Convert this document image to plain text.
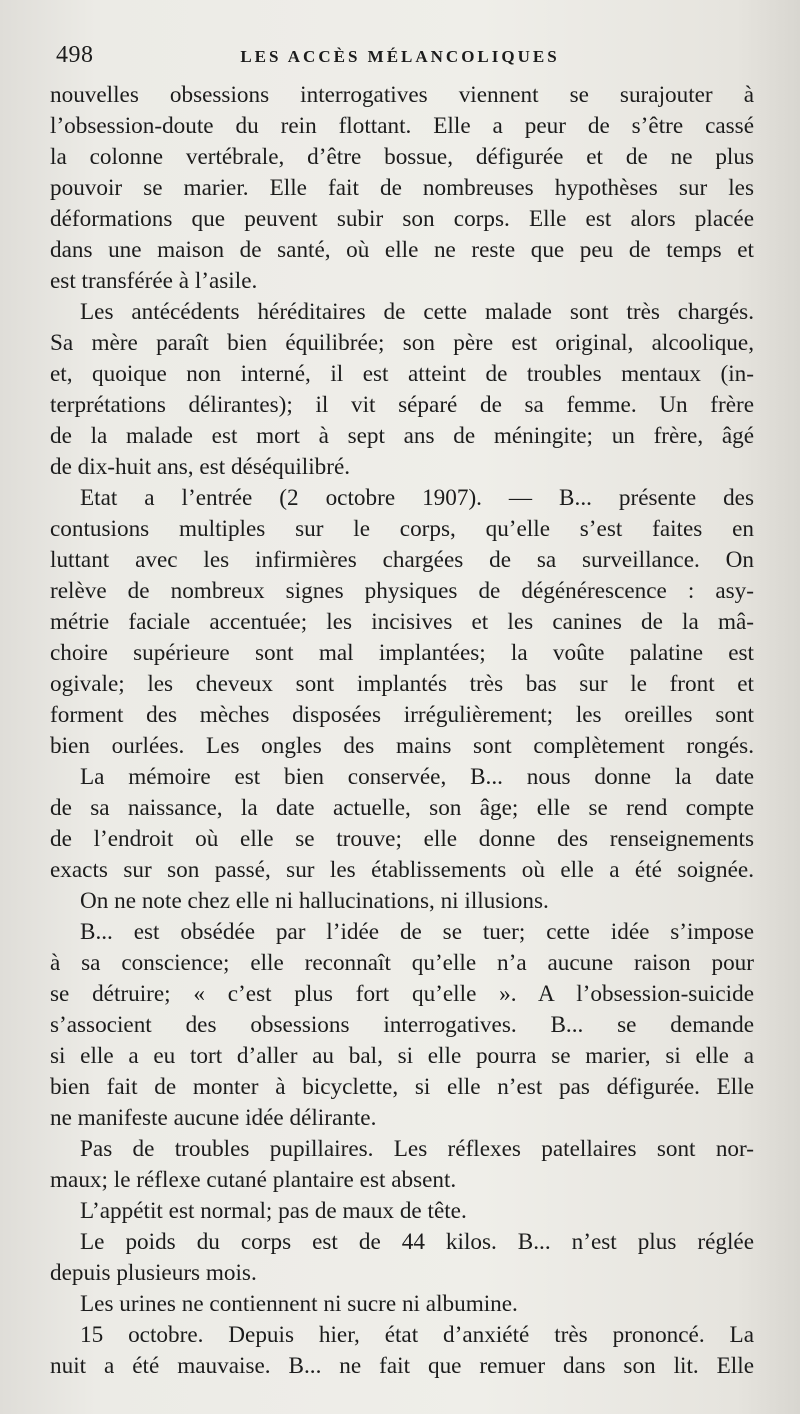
498	LES ACCÈS MÉLANCOLIQUES
nouvelles obsessions interrogatives viennent se surajouter à
l’obsession-doute du rein flottant. Elle a peur de s’être cassé
la colonne vertébrale, d’être bossue, défigurée et de ne plus
pouvoir se marier. Elle fait de nombreuses hypothèses sur les
déformations que peuvent subir son corps. Elle est alors placée
dans une maison de santé, où elle ne reste que peu de temps et
est transférée à l’asile.
Les antécédents héréditaires de cette malade sont très chargés.
Sa mère paraît bien équilibrée; son père est original, alcoolique,
et, quoique non interné, il est atteint de troubles mentaux (in-
terprétations délirantes); il vit séparé de sa femme. Un frère
de la malade est mort à sept ans de méningite; un frère, âgé
de dix-huit ans, est déséquilibré.
Etat a l’entrée (2 octobre 1907). — B... présente des
contusions multiples sur le corps, qu’elle s’est faites en
luttant avec les infirmières chargées de sa surveillance. On
relève de nombreux signes physiques de dégénérescence : asy-
métrie faciale accentuée; les incisives et les canines de la mâ-
choire supérieure sont mal implantées; la voûte palatine est
ogivale; les cheveux sont implantés très bas sur le front et
forment des mèches disposées irrégulièrement; les oreilles sont
bien ourlées. Les ongles des mains sont complètement rongés.
La mémoire est bien conservée, B... nous donne la date
de sa naissance, la date actuelle, son âge; elle se rend compte
de l’endroit où elle se trouve; elle donne des renseignements
exacts sur son passé, sur les établissements où elle a été soignée.
On ne note chez elle ni hallucinations, ni illusions.
B... est obsédée par l’idée de se tuer; cette idée s’impose
à sa conscience; elle reconnaît qu’elle n’a aucune raison pour
se détruire; « c’est plus fort qu’elle ». A l’obsession-suicide
s’associent des obsessions interrogatives. B... se demande
si elle a eu tort d’aller au bal, si elle pourra se marier, si elle a
bien fait de monter à bicyclette, si elle n’est pas défigurée. Elle
ne manifeste aucune idée délirante.
Pas de troubles pupillaires. Les réflexes patellaires sont nor-
maux; le réflexe cutané plantaire est absent.
L’appétit est normal; pas de maux de tête.
Le poids du corps est de 44 kilos. B... n’est plus réglée
depuis plusieurs mois.
Les urines ne contiennent ni sucre ni albumine.
15 octobre. Depuis hier, état d’anxiété très prononcé. La
nuit a été mauvaise. B... ne fait que remuer dans son lit. Elle
